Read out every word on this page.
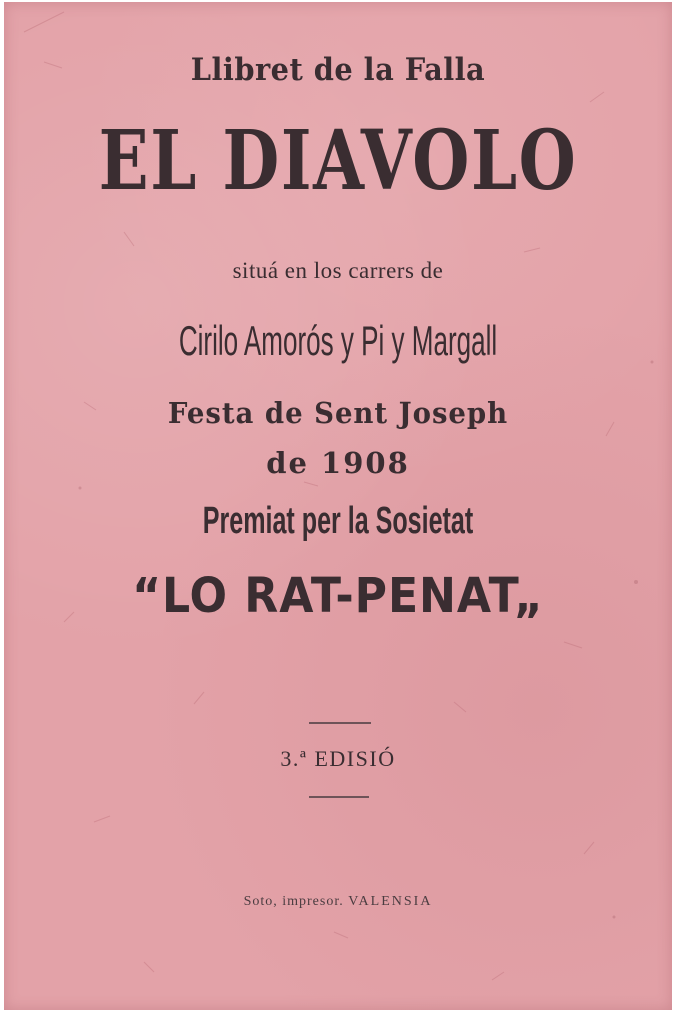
Llibret de la Falla
EL DIAVOLO
situá en los carrers de
Cirilo Amorós y Pi y Margall
Festa de Sent Joseph
de 1908
Premiat per la Sosietat
“LO RAT-PENAT„
3.ª EDISIÓ
Soto, impresor. VALENSIA
